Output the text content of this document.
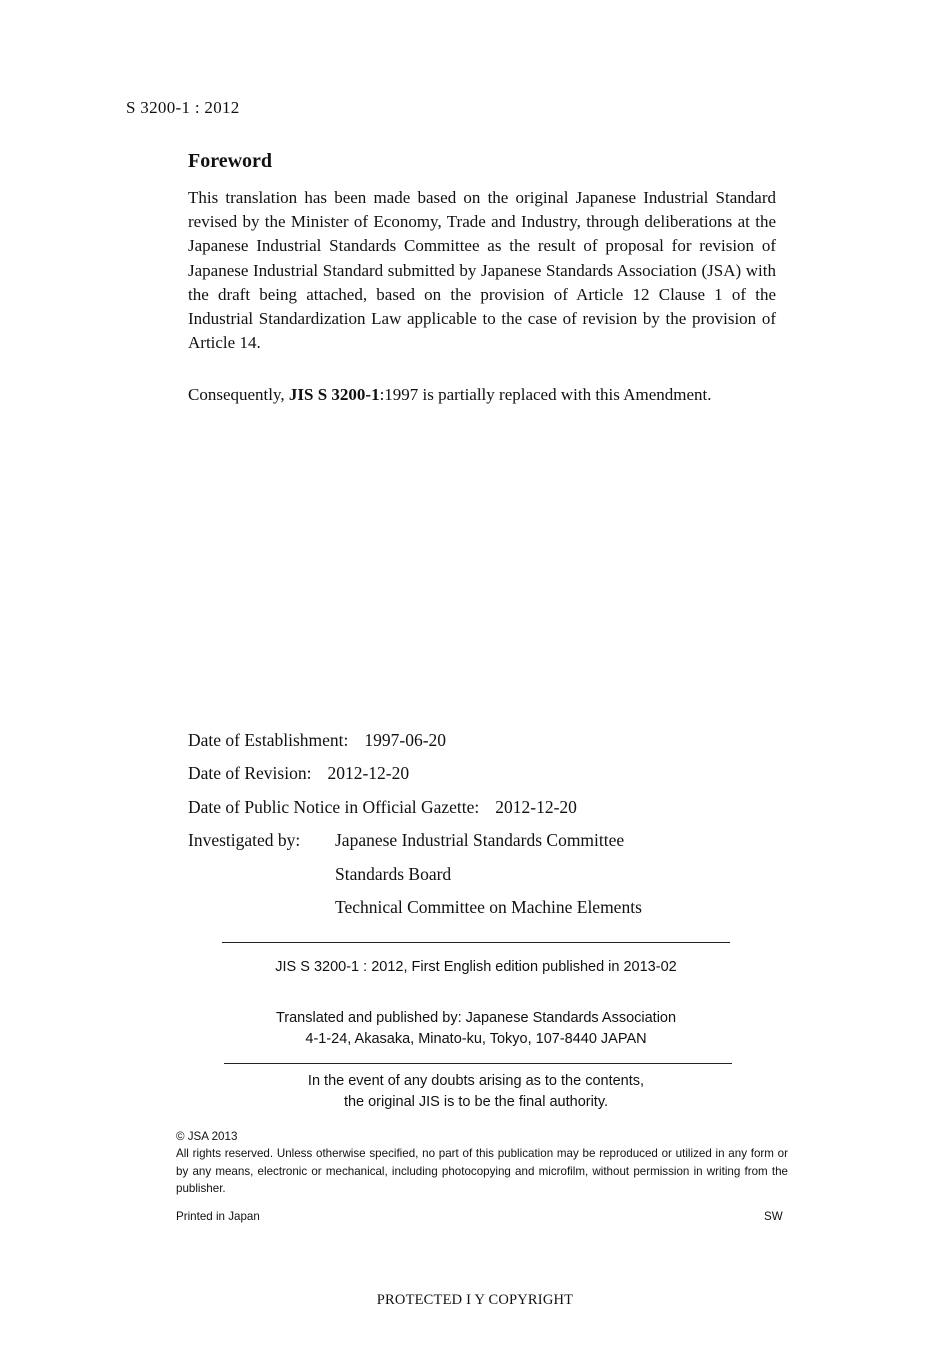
S 3200-1 : 2012
Foreword

This translation has been made based on the original Japanese Industrial Standard revised by the Minister of Economy, Trade and Industry, through deliberations at the Japanese Industrial Standards Committee as the result of proposal for revision of Japanese Industrial Standard submitted by Japanese Standards Association (JSA) with the draft being attached, based on the provision of Article 12 Clause 1 of the Industrial Standardization Law applicable to the case of revision by the provision of Article 14.

Consequently, JIS S 3200-1:1997 is partially replaced with this Amendment.

Date of Establishment: 1997-06-20
Date of Revision: 2012-12-20
Date of Public Notice in Official Gazette: 2012-12-20
Investigated by: Japanese Industrial Standards Committee
Standards Board
Technical Committee on Machine Elements
JIS S 3200-1 : 2012, First English edition published in 2013-02
Translated and published by: Japanese Standards Association
4-1-24, Akasaka, Minato-ku, Tokyo, 107-8440 JAPAN
In the event of any doubts arising as to the contents,
the original JIS is to be the final authority.
© JSA 2013
All rights reserved. Unless otherwise specified, no part of this publication may be reproduced or utilized in any form or by any means, electronic or mechanical, including photocopying and microfilm, without permission in writing from the publisher.
Printed in Japan	SW
PROTECTED I Y COPYRIGHT
